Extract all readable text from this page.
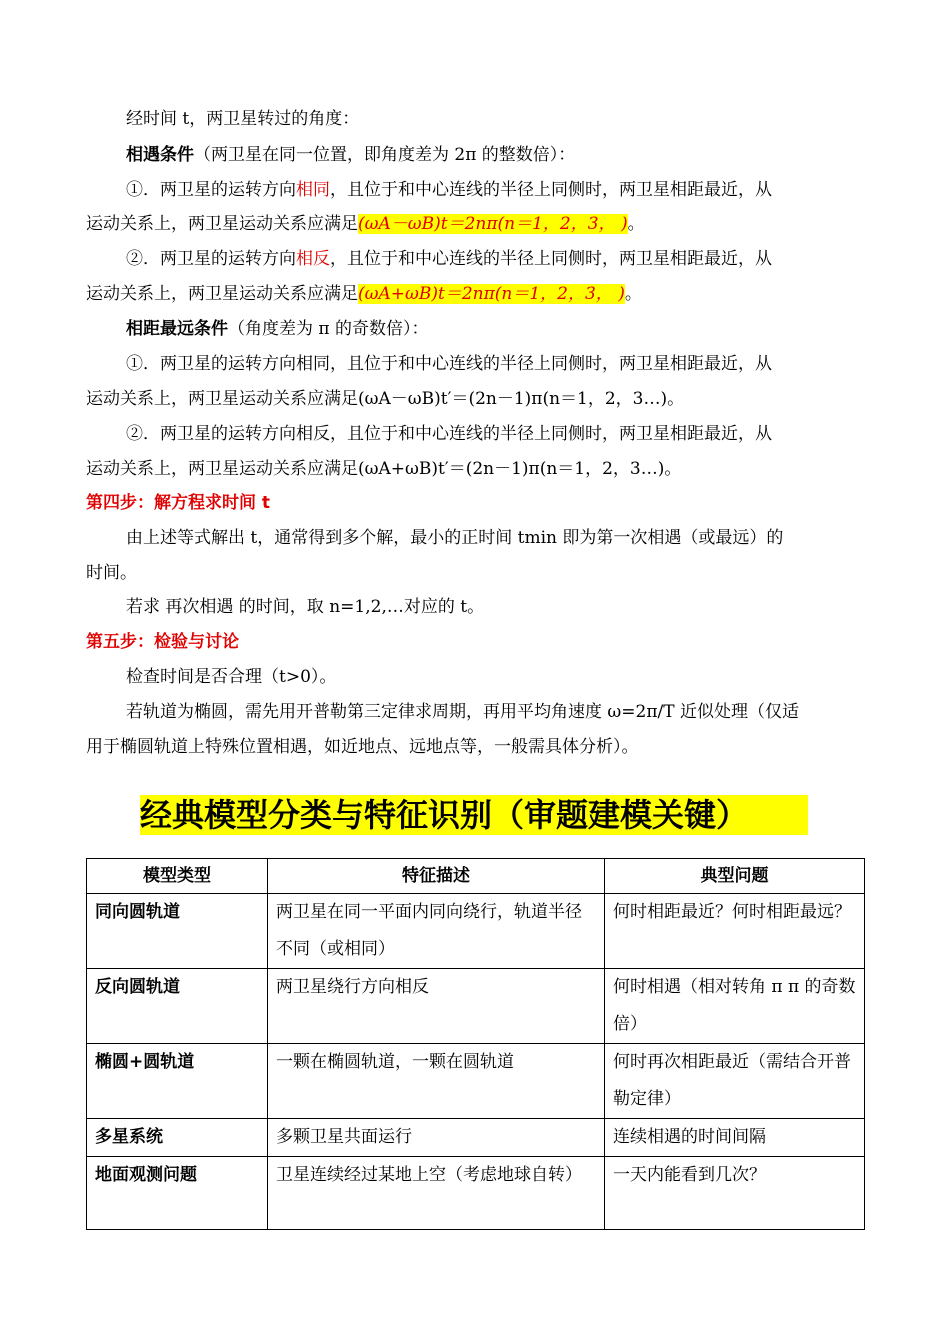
经时间 t，两卫星转过的角度：
相遇条件（两卫星在同一位置，即角度差为 2π 的整数倍）：
①．两卫星的运转方向相同，且位于和中心连线的半径上同侧时，两卫星相距最近，从
运动关系上，两卫星运动关系应满足(ωA－ωB)t＝2nπ(n＝1，2，3， )。
②．两卫星的运转方向相反，且位于和中心连线的半径上同侧时，两卫星相距最近，从
运动关系上，两卫星运动关系应满足(ωA+ωB)t＝2nπ(n＝1，2，3， )。
相距最远条件（角度差为 π 的奇数倍）：
①．两卫星的运转方向相同，且位于和中心连线的半径上同侧时，两卫星相距最近，从
运动关系上，两卫星运动关系应满足(ωA－ωB)t′＝(2n－1)π(n＝1，2，3…)。
②．两卫星的运转方向相反，且位于和中心连线的半径上同侧时，两卫星相距最近，从
运动关系上，两卫星运动关系应满足(ωA+ωB)t′＝(2n－1)π(n＝1，2，3…)。
第四步：解方程求时间 t
由上述等式解出 t，通常得到多个解，最小的正时间 tmin 即为第一次相遇（或最远）的
时间。
若求 再次相遇 的时间，取 n=1,2,…对应的 t。
第五步：检验与讨论
检查时间是否合理（t>0）。
若轨道为椭圆，需先用开普勒第三定律求周期，再用平均角速度 ω=2π/T 近似处理（仅适
用于椭圆轨道上特殊位置相遇，如近地点、远地点等，一般需具体分析）。
经典模型分类与特征识别（审题建模关键）
模型类型	特征描述	典型问题
同向圆轨道	两卫星在同一平面内同向绕行，轨道半径不同（或相同）	何时相距最近？何时相距最远？
反向圆轨道	两卫星绕行方向相反	何时相遇（相对转角 π π 的奇数倍）
椭圆+圆轨道	一颗在椭圆轨道，一颗在圆轨道	何时再次相距最近（需结合开普勒定律）
多星系统	多颗卫星共面运行	连续相遇的时间间隔
地面观测问题	卫星连续经过某地上空（考虑地球自转）	一天内能看到几次？
